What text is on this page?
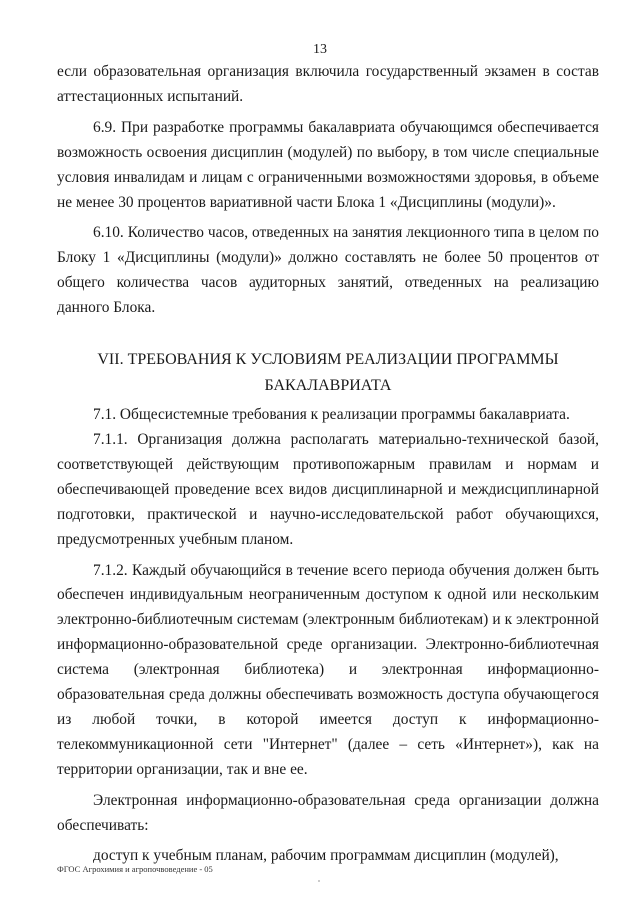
13

если образовательная организация включила государственный экзамен в состав аттестационных испытаний.

6.9. При разработке программы бакалавриата обучающимся обеспечивается возможность освоения дисциплин (модулей) по выбору, в том числе специальные условия инвалидам и лицам с ограниченными возможностями здоровья, в объеме не менее 30 процентов вариативной части Блока 1 «Дисциплины (модули)».

6.10. Количество часов, отведенных на занятия лекционного типа в целом по Блоку 1 «Дисциплины (модули)» должно составлять не более 50 процентов от общего количества часов аудиторных занятий, отведенных на реализацию данного Блока.

VII. ТРЕБОВАНИЯ К УСЛОВИЯМ РЕАЛИЗАЦИИ ПРОГРАММЫ
БАКАЛАВРИАТА

7.1. Общесистемные требования к реализации программы бакалавриата.

7.1.1. Организация должна располагать материально-технической базой, соответствующей действующим противопожарным правилам и нормам и обеспечивающей проведение всех видов дисциплинарной и междисциплинарной подготовки, практической и научно-исследовательской работ обучающихся, предусмотренных учебным планом.

7.1.2. Каждый обучающийся в течение всего периода обучения должен быть обеспечен индивидуальным неограниченным доступом к одной или нескольким электронно-библиотечным системам (электронным библиотекам) и к электронной информационно-образовательной среде организации. Электронно-библиотечная система (электронная библиотека) и электронная информационно-образовательная среда должны обеспечивать возможность доступа обучающегося из любой точки, в которой имеется доступ к информационно-телекоммуникационной сети "Интернет" (далее – сеть «Интернет»), как на территории организации, так и вне ее.

Электронная информационно-образовательная среда организации должна обеспечивать:

доступ к учебным планам, рабочим программам дисциплин (модулей),

ФГОС Агрохимия и агропочвоведение - 05
